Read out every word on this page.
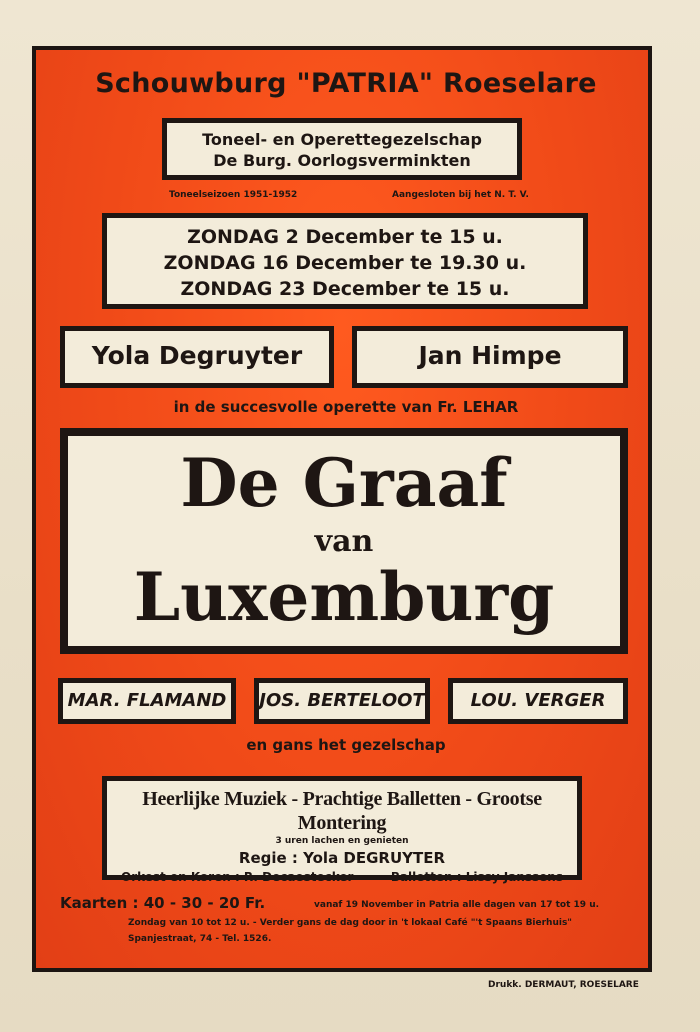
Schouwburg "PATRIA" Roeselare
Toneel- en Operettegezelschap
De Burg. Oorlogsverminkten
Toneelseizoen 1951-1952	Aangesloten bij het N. T. V.
ZONDAG 2 December te 15 u.
ZONDAG 16 December te 19.30 u.
ZONDAG 23 December te 15 u.
Yola Degruyter	Jan Himpe
in de succesvolle operette van Fr. LEHAR
De Graaf
van
Luxemburg
MAR. FLAMAND	JOS. BERTELOOT	LOU. VERGER
en gans het gezelschap
Heerlijke Muziek - Prachtige Balletten - Grootse Montering
3 uren lachen en genieten
Regie : Yola DEGRUYTER
Orkest en Koren : R. Decaestecker - Balletten : Lissy Janssens
Kaarten : 40 - 30 - 20 Fr.	vanaf 19 November in Patria alle dagen van 17 tot 19 u.
Zondag van 10 tot 12 u. - Verder gans de dag door in 't lokaal Café "'t Spaans Bierhuis"
Spanjestraat, 74 - Tel. 1526.
Drukk. DERMAUT, ROESELARE
